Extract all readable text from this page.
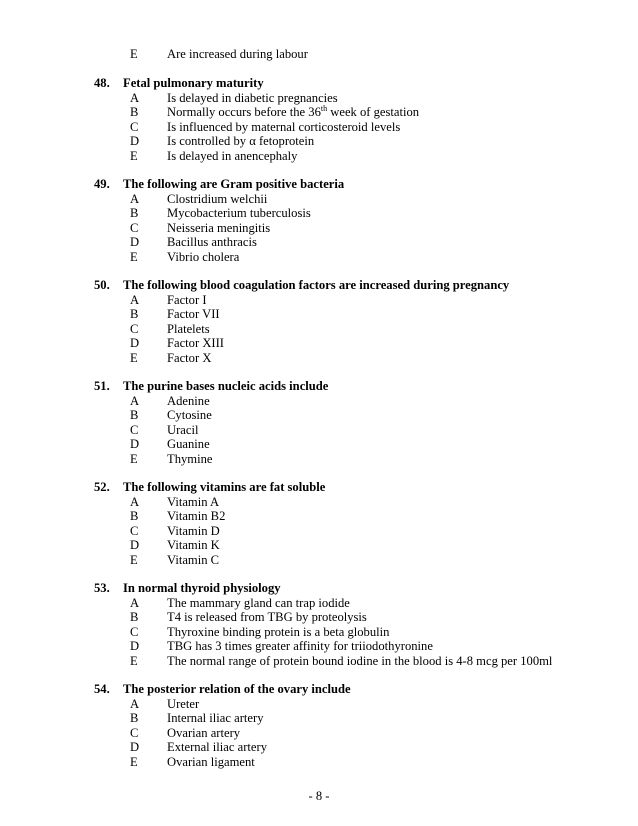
E Are increased during labour
48. Fetal pulmonary maturity
A Is delayed in diabetic pregnancies
B Normally occurs before the 36th week of gestation
C Is influenced by maternal corticosteroid levels
D Is controlled by α fetoprotein
E Is delayed in anencephaly
49. The following are Gram positive bacteria
A Clostridium welchii
B Mycobacterium tuberculosis
C Neisseria meningitis
D Bacillus anthracis
E Vibrio cholera
50. The following blood coagulation factors are increased during pregnancy
A Factor I
B Factor VII
C Platelets
D Factor XIII
E Factor X
51. The purine bases nucleic acids include
A Adenine
B Cytosine
C Uracil
D Guanine
E Thymine
52. The following vitamins are fat soluble
A Vitamin A
B Vitamin B2
C Vitamin D
D Vitamin K
E Vitamin C
53. In normal thyroid physiology
A The mammary gland can trap iodide
B T4 is released from TBG by proteolysis
C Thyroxine binding protein is a beta globulin
D TBG has 3 times greater affinity for triiodothyronine
E The normal range of protein bound iodine in the blood is 4-8 mcg per 100ml
54. The posterior relation of the ovary include
A Ureter
B Internal iliac artery
C Ovarian artery
D External iliac artery
E Ovarian ligament
- 8 -
